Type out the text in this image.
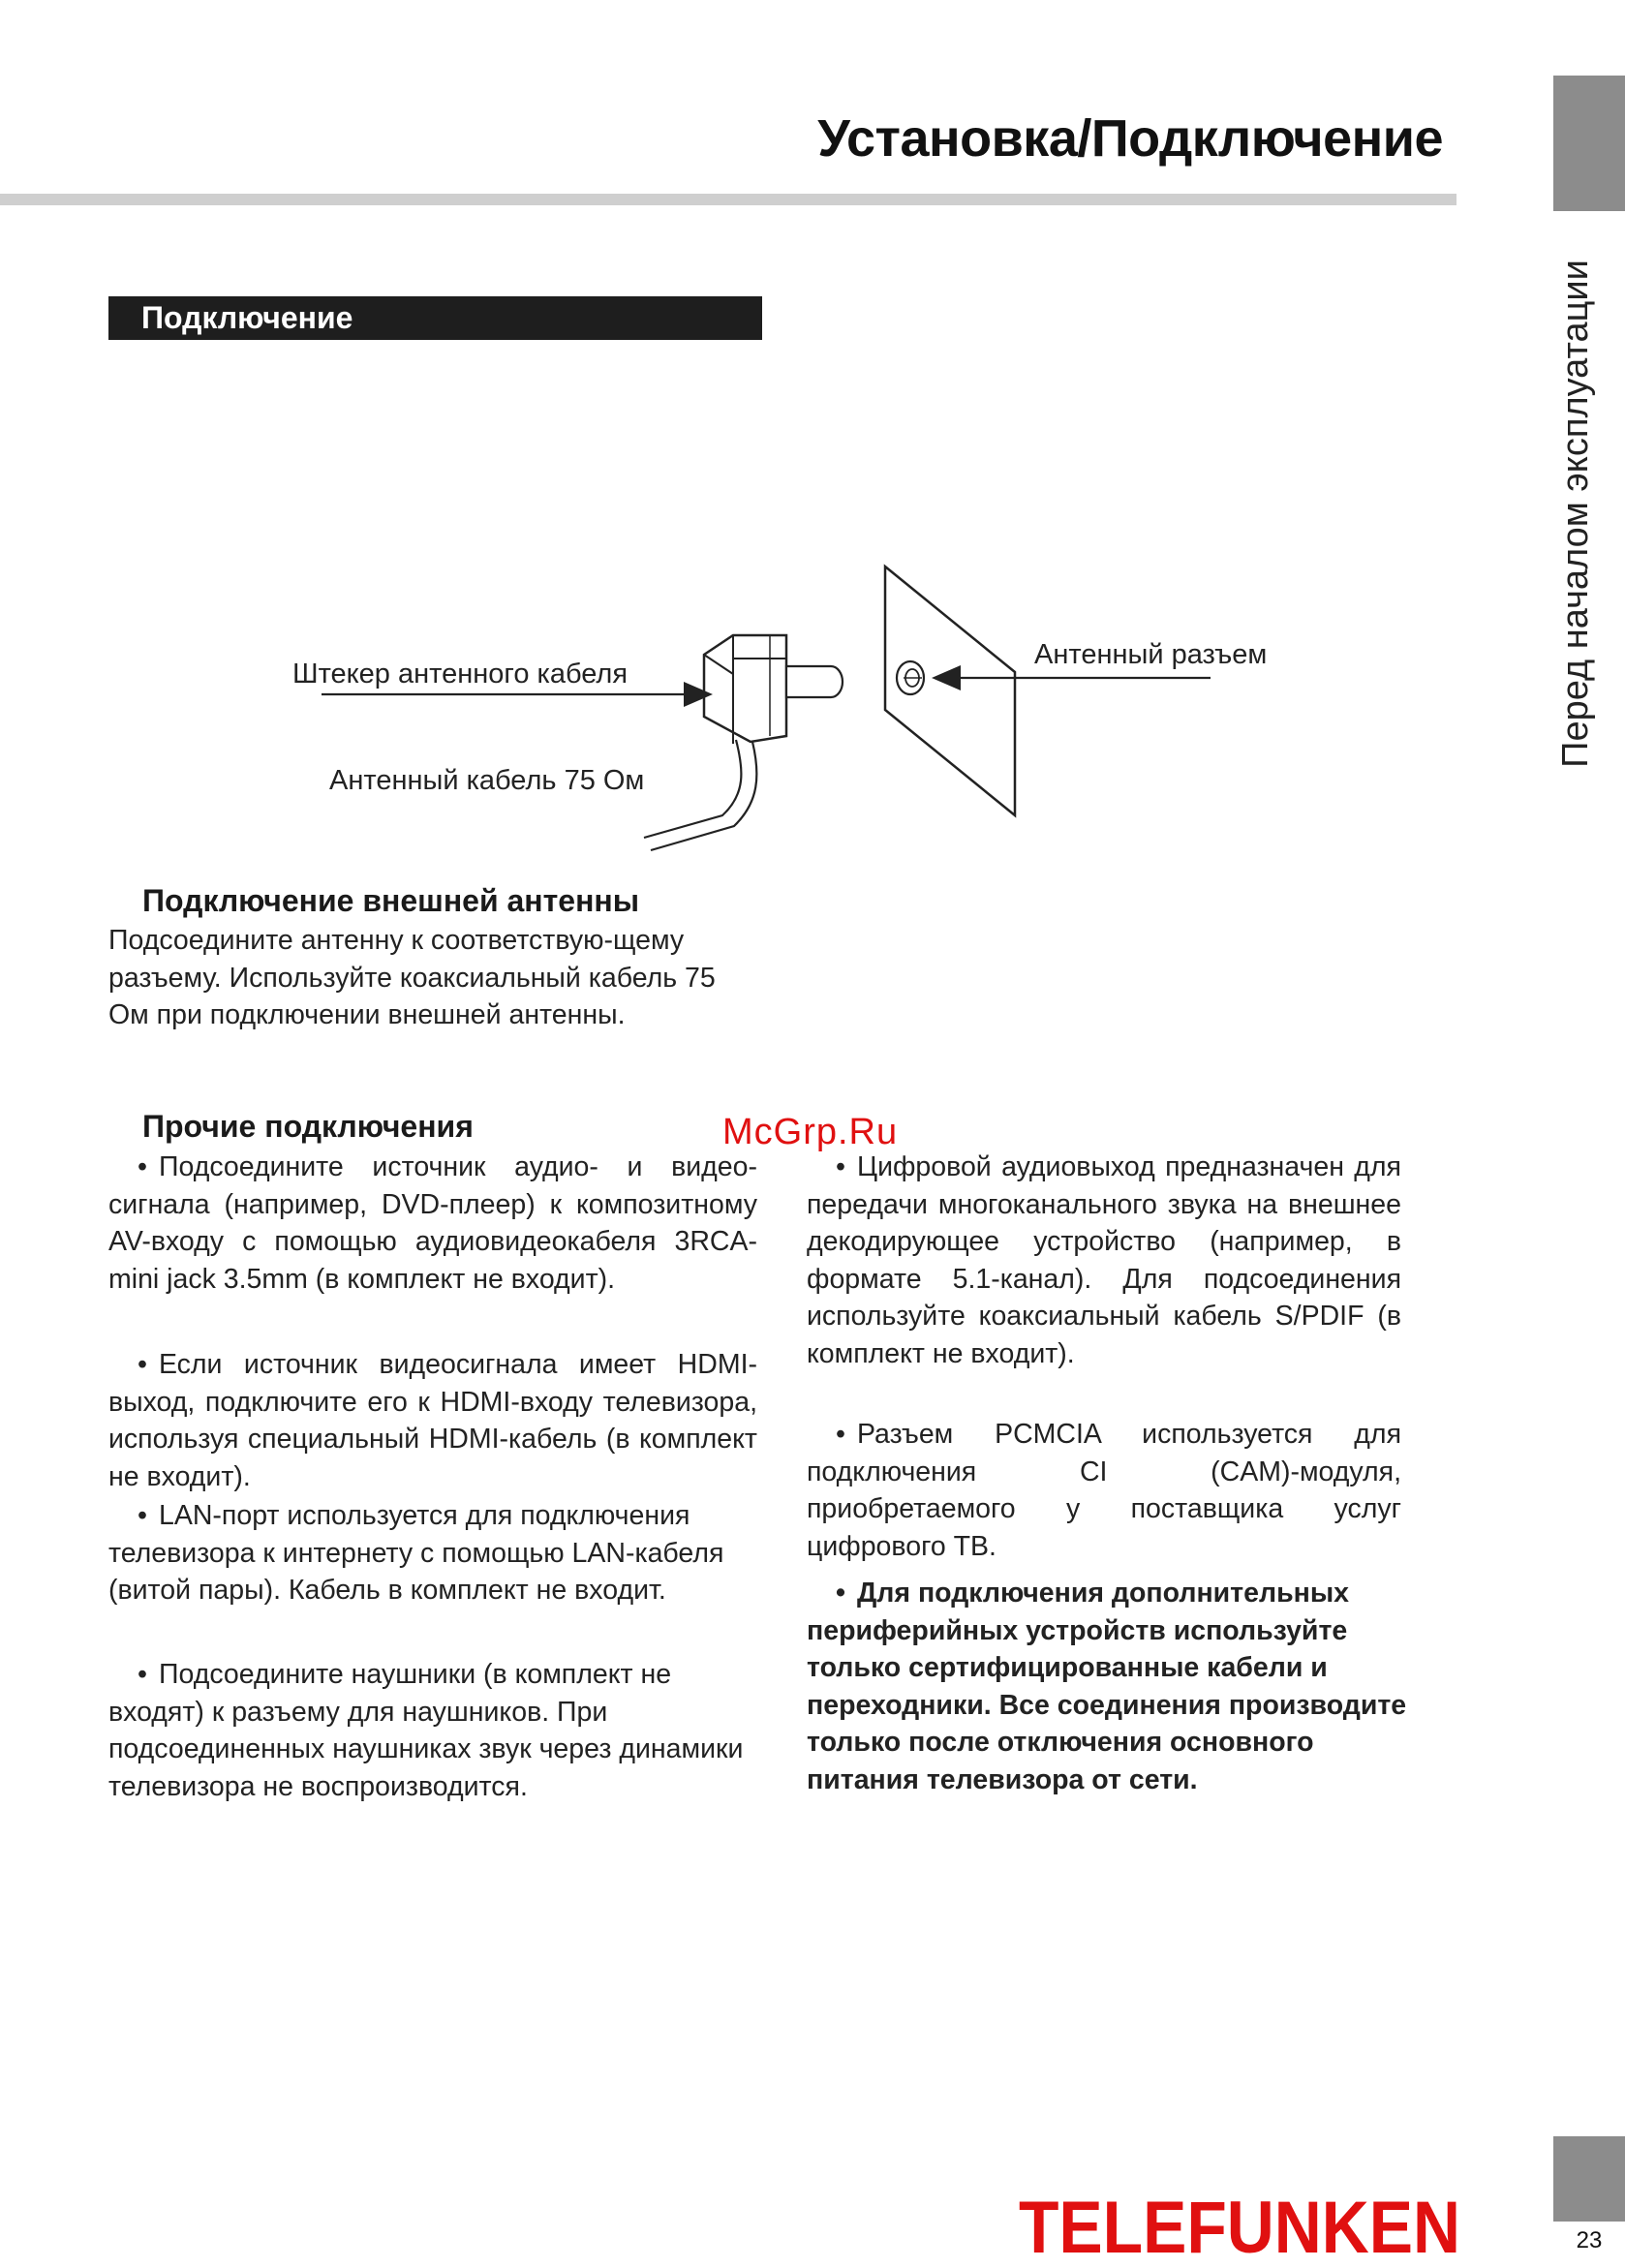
Установка/Подключение
Перед началом эксплуатации
Подключение
Штекер антенного кабеля
Антенный разъем
Антенный кабель 75 Ом
Подключение внешней антенны

Подсоедините антенну к соответствую-щему разъему. Используйте коаксиальный кабель 75 Ом при подключении внешней антенны.

Прочие подключения

• Подсоедините источник аудио- и видео-сигнала (например, DVD-плеер) к композитному AV-входу с помощью аудиовидеокабеля 3RCA-mini jack 3.5mm (в комплект не входит).

• Если источник видеосигнала имеет HDMI-выход, подключите его к HDMI-входу телевизора, используя специальный HDMI-кабель (в комплект не входит).

• LAN-порт используется для подключения телевизора к интернету с помощью LAN-кабеля (витой пары). Кабель в комплект не входит.

• Подсоедините наушники (в комплект не входят) к разъему для наушников. При подсоединенных наушниках звук через динамики телевизора не воспроизводится.

• Цифровой аудиовыход предназначен для передачи многоканального звука на внешнее декодирующее устройство (например, в формате 5.1-канал). Для подсоединения используйте коаксиальный кабель S/PDIF (в комплект не входит).

• Разъем PCMCIA используется для подключения CI (CAM)-модуля, приобретаемого у поставщика услуг цифрового ТВ.

• Для подключения дополнительных периферийных устройств используйте только сертифицированные кабели и переходники. Все соединения производите только после отключения основного питания телевизора от сети.

McGrp.Ru
TELEFUNKEN	23
